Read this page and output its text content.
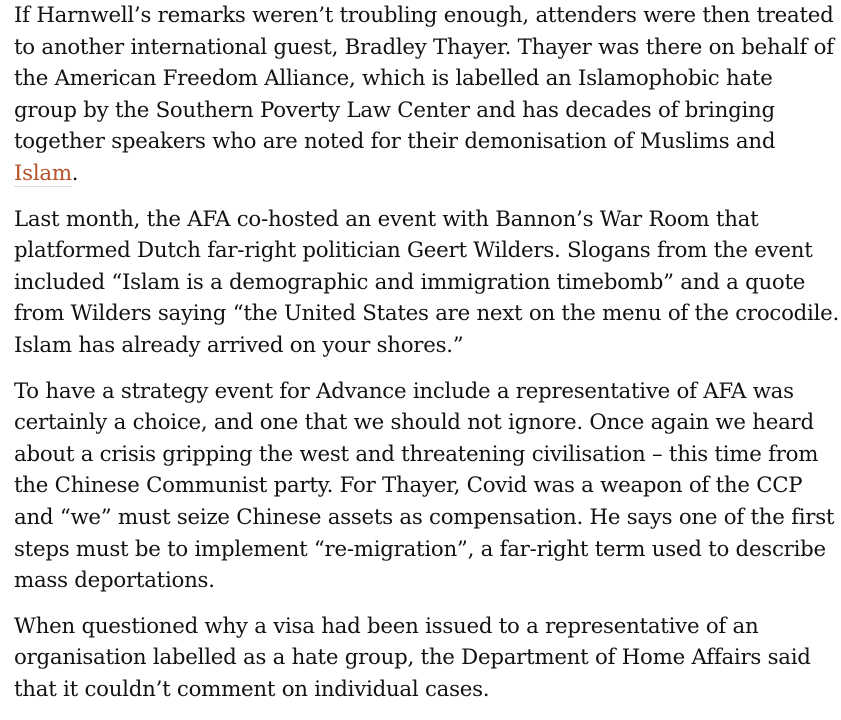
If Harnwell’s remarks weren’t troubling enough, attenders were then treated to another international guest, Bradley Thayer. Thayer was there on behalf of the American Freedom Alliance, which is labelled an Islamophobic hate group by the Southern Poverty Law Center and has decades of bringing together speakers who are noted for their demonisation of Muslims and Islam.

Last month, the AFA co-hosted an event with Bannon’s War Room that platformed Dutch far-right politician Geert Wilders. Slogans from the event included “Islam is a demographic and immigration timebomb” and a quote from Wilders saying “the United States are next on the menu of the crocodile. Islam has already arrived on your shores.”

To have a strategy event for Advance include a representative of AFA was certainly a choice, and one that we should not ignore. Once again we heard about a crisis gripping the west and threatening civilisation – this time from the Chinese Communist party. For Thayer, Covid was a weapon of the CCP and “we” must seize Chinese assets as compensation. He says one of the first steps must be to implement “re-migration”, a far-right term used to describe mass deportations.

When questioned why a visa had been issued to a representative of an organisation labelled as a hate group, the Department of Home Affairs said that it couldn’t comment on individual cases.
